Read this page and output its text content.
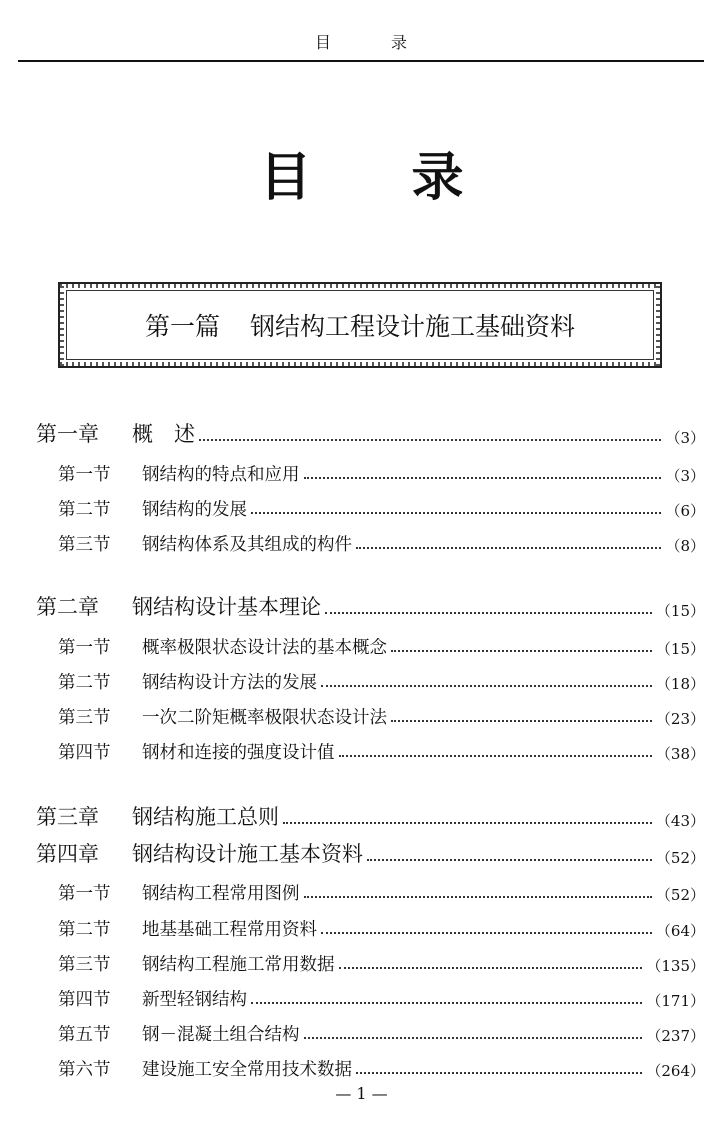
目　录
目录
第一篇 钢结构工程设计施工基础资料
第一章	概　述	（3）
第一节	钢结构的特点和应用	（3）
第二节	钢结构的发展	（6）
第三节	钢结构体系及其组成的构件	（8）
第二章	钢结构设计基本理论	（15）
第一节	概率极限状态设计法的基本概念	（15）
第二节	钢结构设计方法的发展	（18）
第三节	一次二阶矩概率极限状态设计法	（23）
第四节	钢材和连接的强度设计值	（38）
第三章	钢结构施工总则	（43）
第四章	钢结构设计施工基本资料	（52）
第一节	钢结构工程常用图例	（52）
第二节	地基基础工程常用资料	（64）
第三节	钢结构工程施工常用数据	（135）
第四节	新型轻钢结构	（171）
第五节	钢－混凝土组合结构	（237）
第六节	建设施工安全常用技术数据	（264）
— 1 —
